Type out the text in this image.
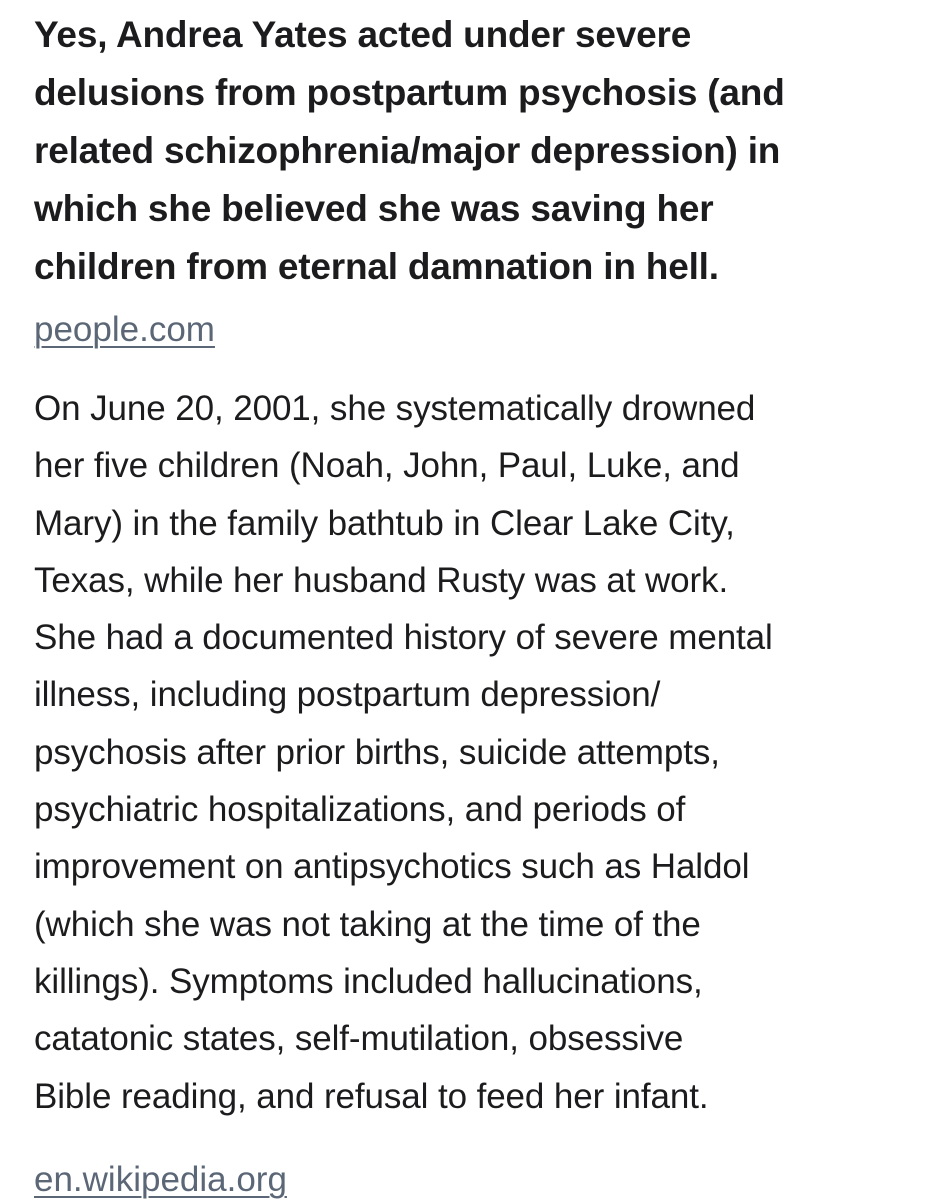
Yes, Andrea Yates acted under severe
delusions from postpartum psychosis (and
related schizophrenia/major depression) in
which she believed she was saving her
children from eternal damnation in hell.

people.com

On June 20, 2001, she systematically drowned
her five children (Noah, John, Paul, Luke, and
Mary) in the family bathtub in Clear Lake City,
Texas, while her husband Rusty was at work.
She had a documented history of severe mental
illness, including postpartum depression/
psychosis after prior births, suicide attempts,
psychiatric hospitalizations, and periods of
improvement on antipsychotics such as Haldol
(which she was not taking at the time of the
killings). Symptoms included hallucinations,
catatonic states, self-mutilation, obsessive
Bible reading, and refusal to feed her infant.

en.wikipedia.org
